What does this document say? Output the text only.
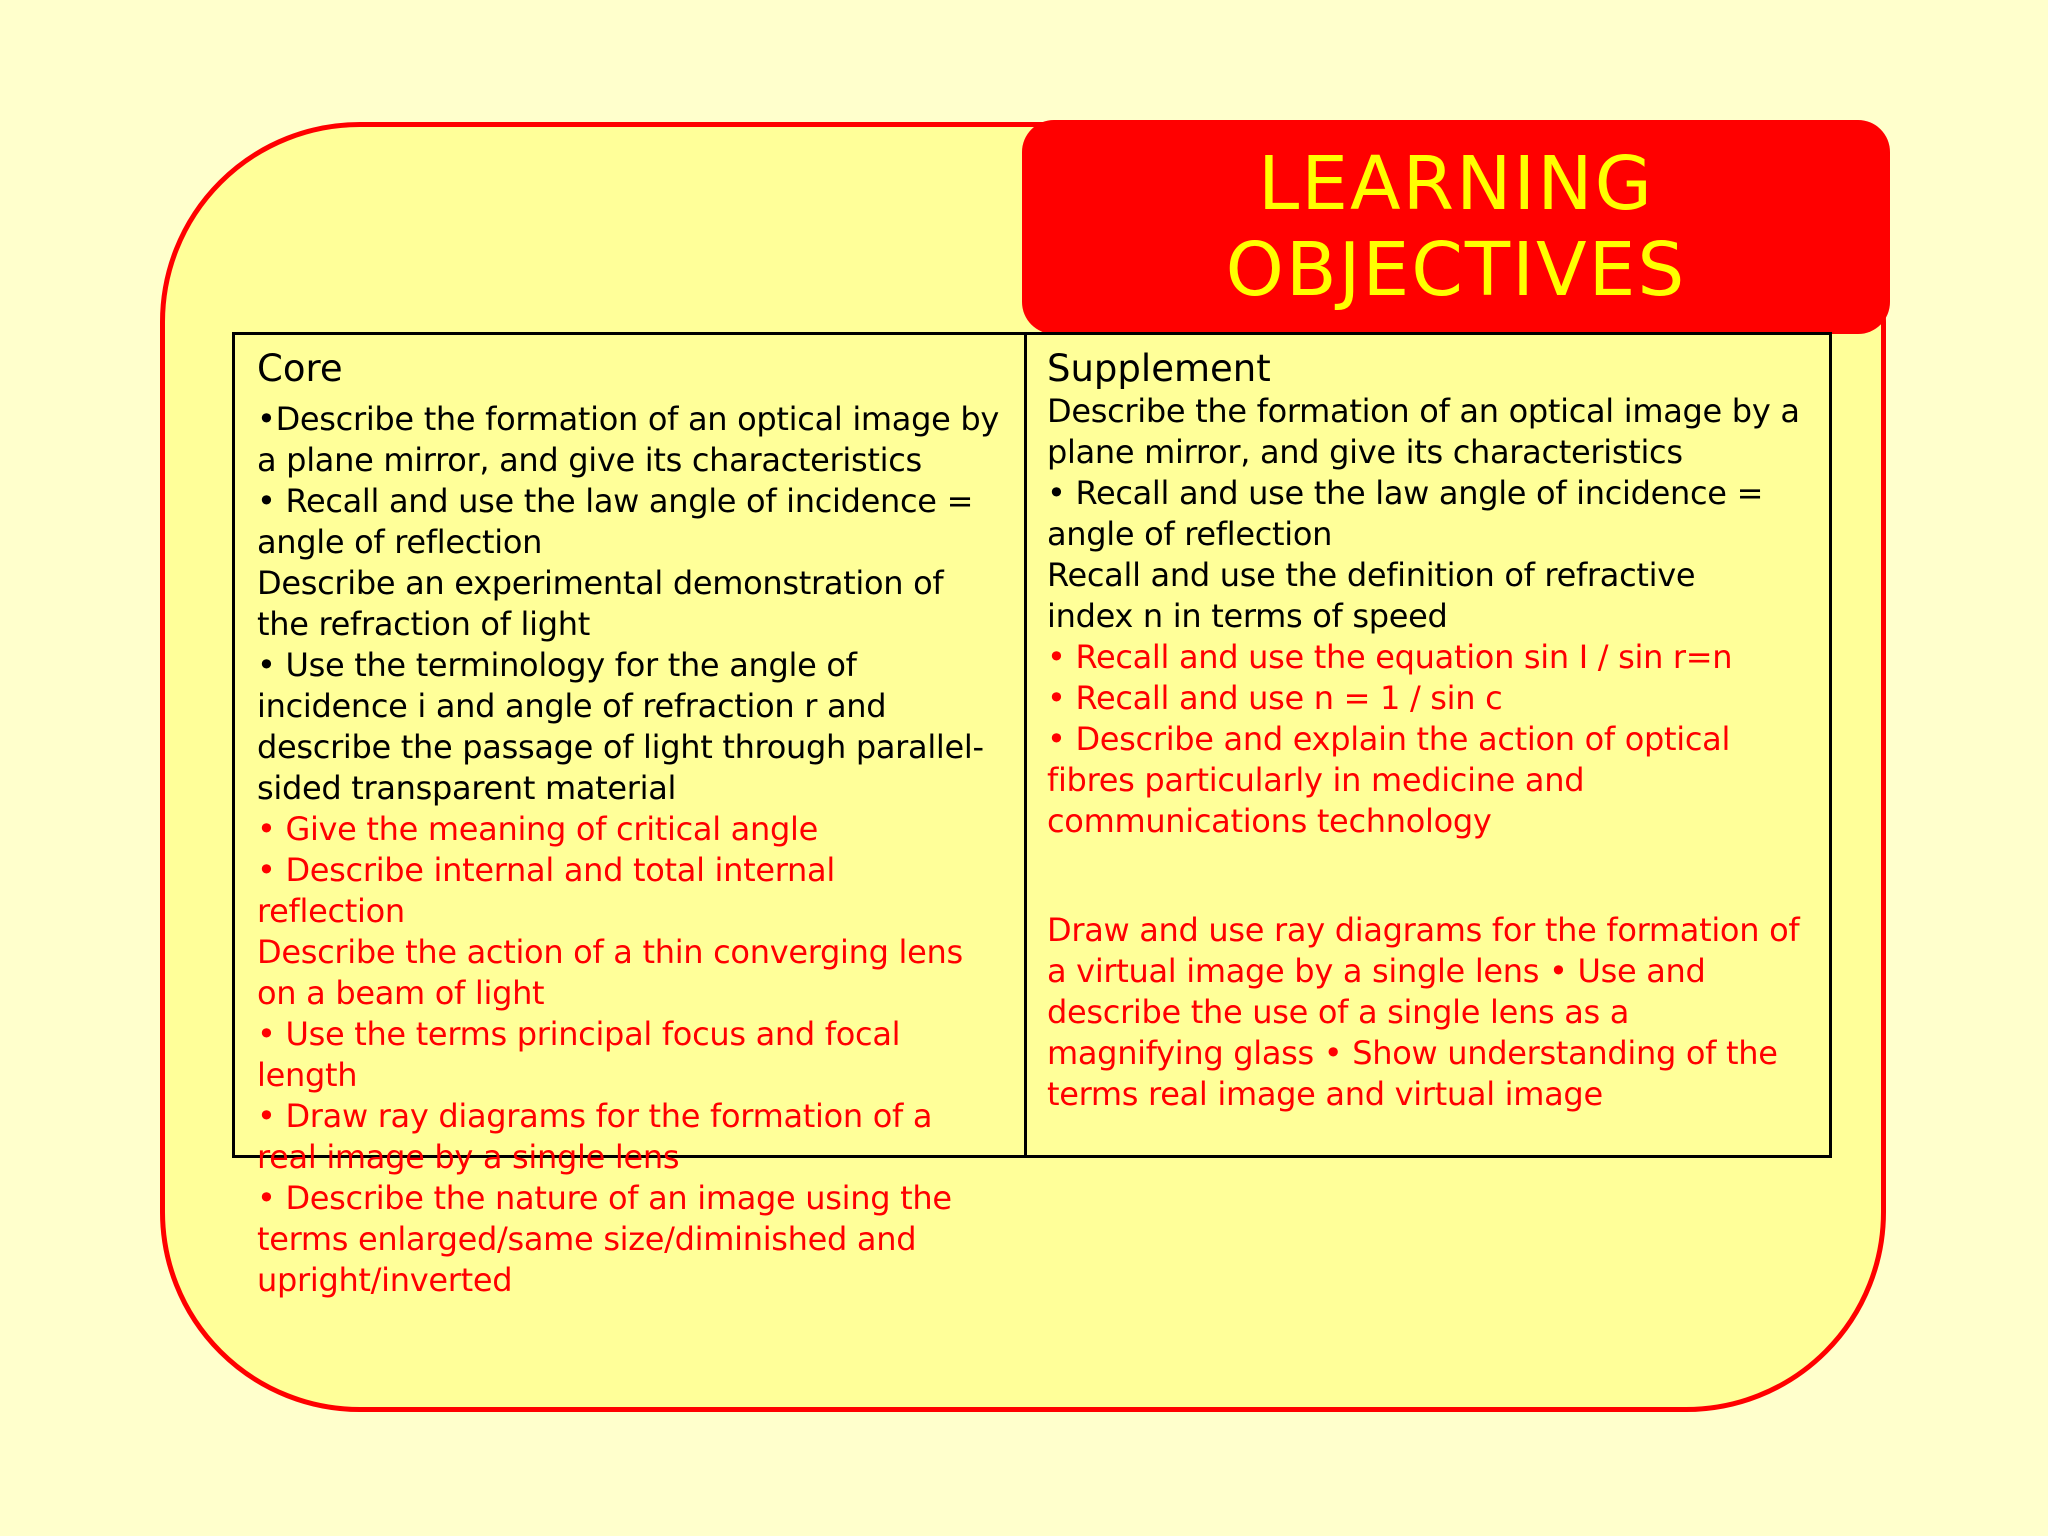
LEARNING
OBJECTIVES
Core
•Describe the formation of an optical image by
a plane mirror, and give its characteristics
• Recall and use the law angle of incidence =
angle of reflection
Describe an experimental demonstration of
the refraction of light
• Use the terminology for the angle of
incidence i and angle of refraction r and
describe the passage of light through parallel-
sided transparent material
• Give the meaning of critical angle
• Describe internal and total internal
reflection
Describe the action of a thin converging lens
on a beam of light
• Use the terms principal focus and focal
length
• Draw ray diagrams for the formation of a
real image by a single lens
• Describe the nature of an image using the
terms enlarged/same size/diminished and
upright/inverted
Supplement
Describe the formation of an optical image by a
plane mirror, and give its characteristics
• Recall and use the law angle of incidence =
angle of reflection
Recall and use the definition of refractive
index n in terms of speed
• Recall and use the equation sin I / sin r=n
• Recall and use n = 1 / sin c
• Describe and explain the action of optical
fibres particularly in medicine and
communications technology
Draw and use ray diagrams for the formation of
a virtual image by a single lens • Use and
describe the use of a single lens as a
magnifying glass • Show understanding of the
terms real image and virtual image
